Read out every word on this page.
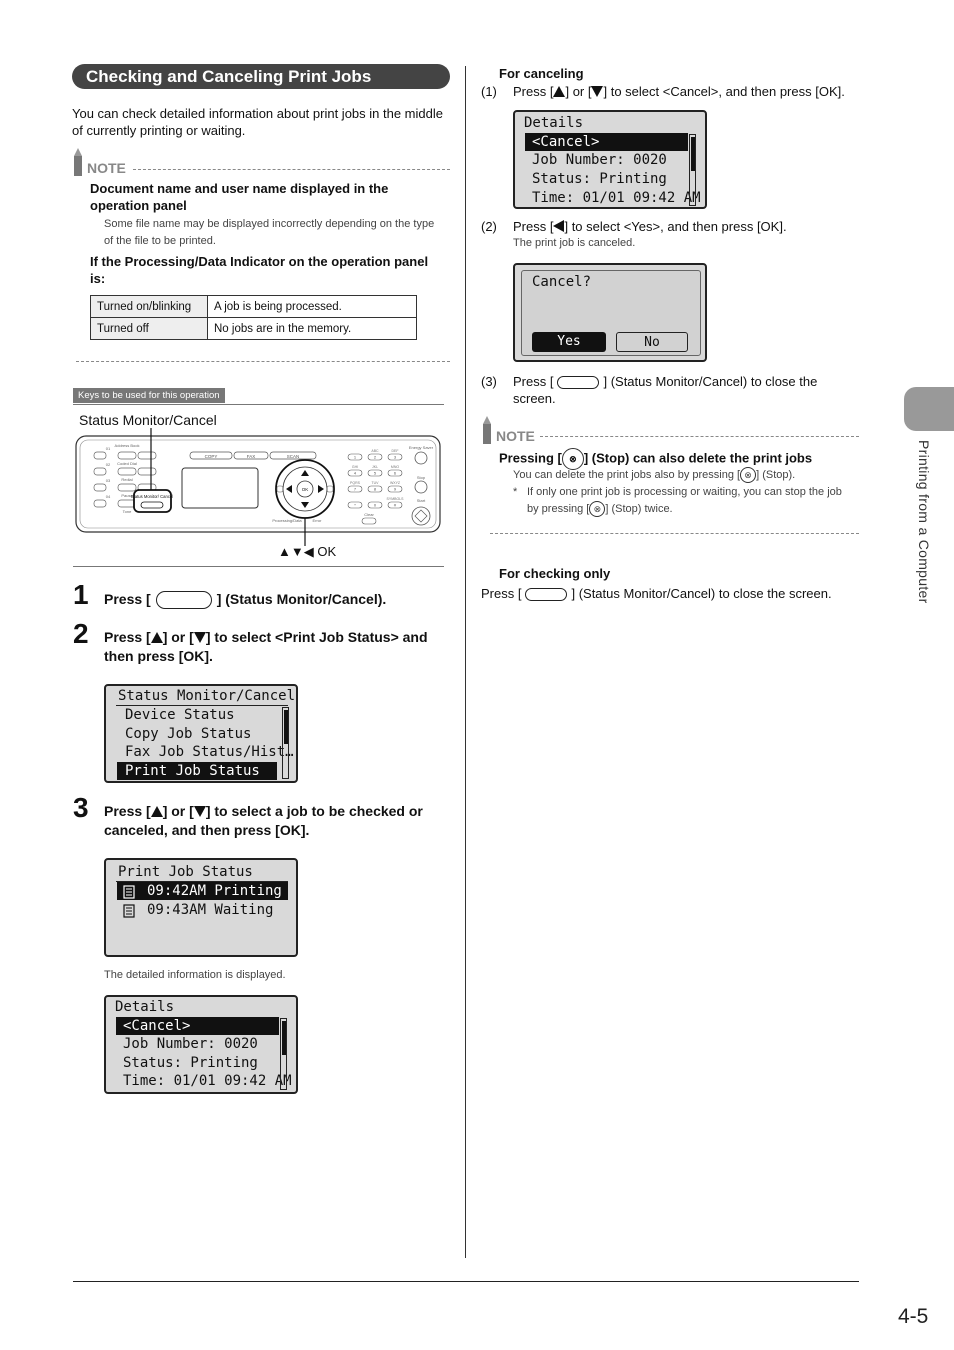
Checking and Canceling Print Jobs
You can check detailed information about print jobs in the middle of currently printing or waiting.
NOTE
Document name and user name displayed in the operation panel
Some file name may be displayed incorrectly depending on the type of the file to be printed.
If the Processing/Data Indicator on the operation panel is:
Turned on/blinking	A job is being processed.
Turned off	No jobs are in the memory.
Keys to be used for this operation
Status Monitor/Cancel
Address Book
Coded Dial
Redial
Pause
Tone
01
02
03
04	Status Monitor/ Cancel
COPY	FAX	SCAN
OK
Processing/Data	Error
1	2
ABC
3
DEF
4
GHI
5
JKL
6
MNO
7
PQRS
8
TUV
9
WXYZ
*	0	#
SYMBOLS
Clear
Energy Saver
Stop
Start
▲▼◀ OK
1 Press [	] (Status Monitor/Cancel).
2 Press [ ] or [ ] to select <Print Job Status> and then press [OK].
Status Monitor/Cancel
Device Status
Copy Job Status
Fax Job Status/Hist…
Print Job Status
3 Press [ ] or [ ] to select a job to be checked or canceled, and then press [OK].
Print Job Status
09:42AM Printing
09:43AM Waiting
The detailed information is displayed.
Details
<Cancel>
Job Number: 0020
Status: Printing
Time: 01/01 09:42 AM
For canceling
(1) Press [ ] or [ ] to select <Cancel>, and then press [OK].
Details
<Cancel>
Job Number: 0020
Status: Printing
Time: 01/01 09:42 AM
(2) Press [ ] to select <Yes>, and then press [OK].
The print job is canceled.
Cancel?
Yes	No
(3) Press [	] (Status Monitor/Cancel) to close the screen.
NOTE
Pressing [ ⊗ ] (Stop) can also delete the print jobs
You can delete the print jobs also by pressing [ ⊗ ] (Stop).
* If only one print job is processing or waiting, you can stop the job by pressing [ ⊗ ] (Stop) twice.
For checking only
Press [	] (Status Monitor/Cancel) to close the screen.	Printing from a Computer
4-5
